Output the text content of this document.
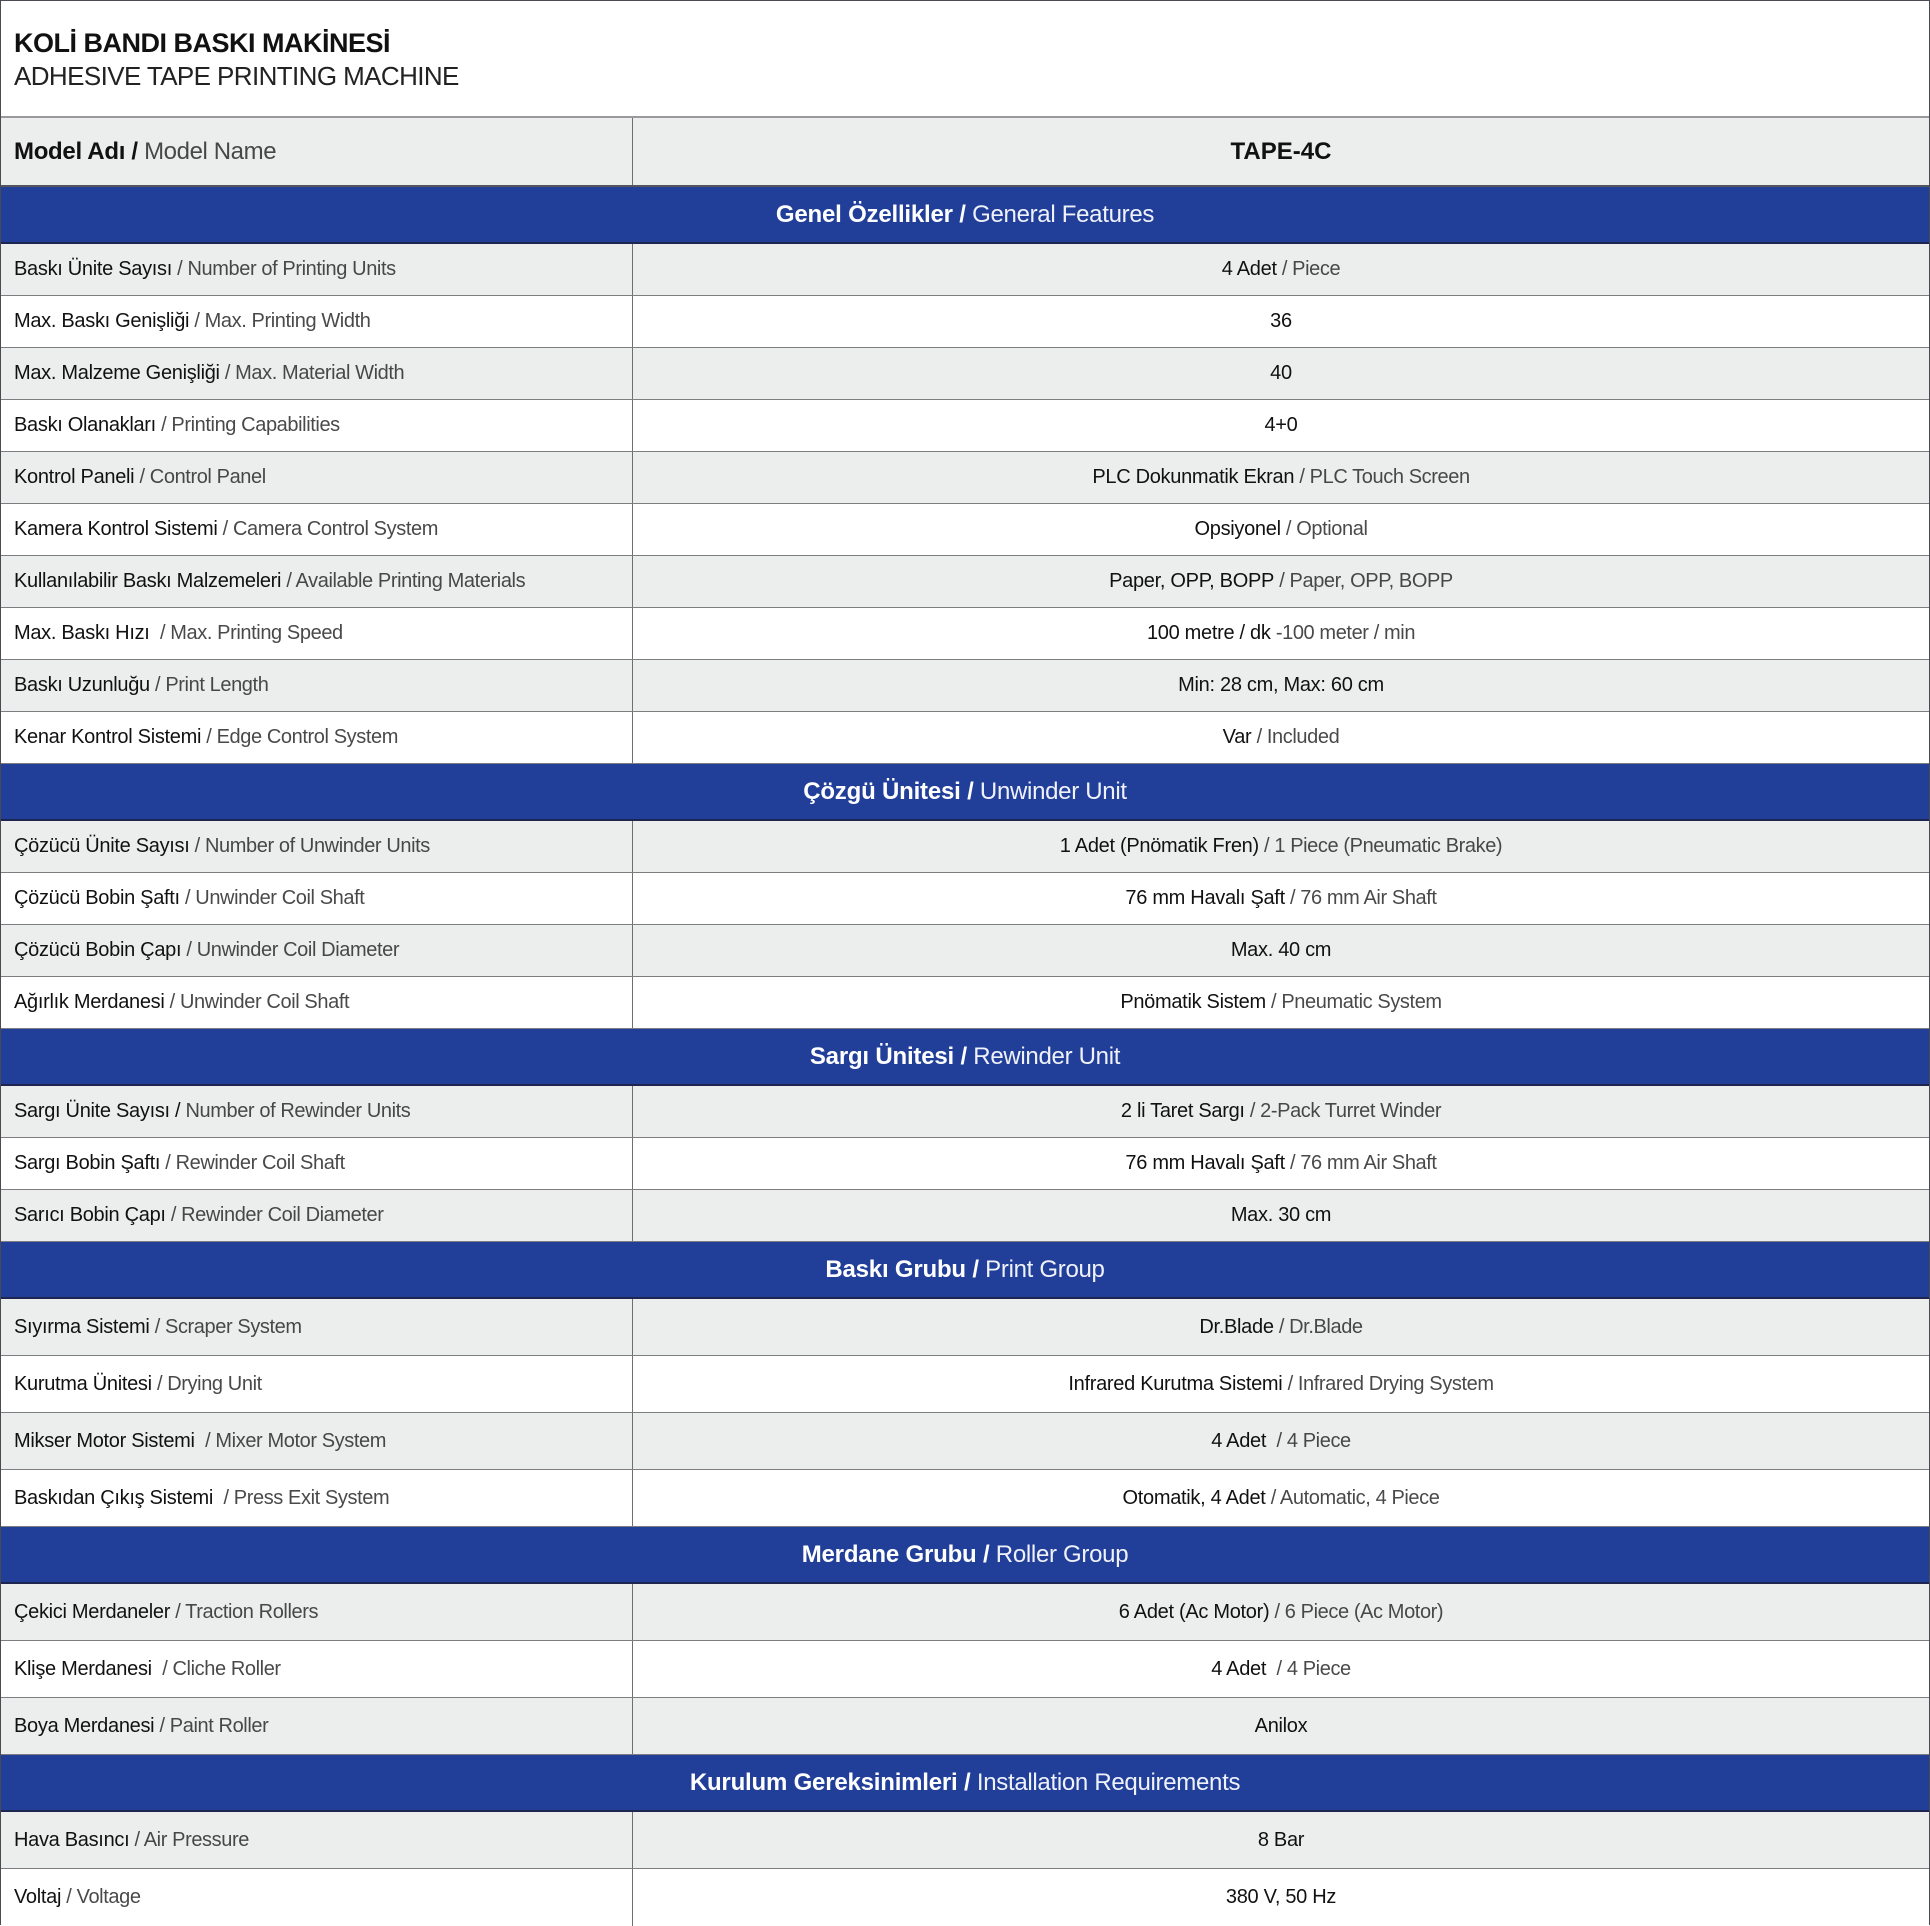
KOLİ BANDI BASKI MAKİNESİ
ADHESIVE TAPE PRINTING MACHINE
Model Adı / Model Name	TAPE-4C
Genel Özellikler / General Features
Baskı Ünite Sayısı / Number of Printing Units	4 Adet / Piece
Max. Baskı Genişliği / Max. Printing Width	36
Max. Malzeme Genişliği / Max. Material Width	40
Baskı Olanakları / Printing Capabilities	4+0
Kontrol Paneli / Control Panel	PLC Dokunmatik Ekran / PLC Touch Screen
Kamera Kontrol Sistemi / Camera Control System	Opsiyonel / Optional
Kullanılabilir Baskı Malzemeleri / Available Printing Materials	Paper, OPP, BOPP / Paper, OPP, BOPP
Max. Baskı Hızı / Max. Printing Speed	100 metre / dk -100 meter / min
Baskı Uzunluğu / Print Length	Min: 28 cm, Max: 60 cm
Kenar Kontrol Sistemi / Edge Control System	Var / Included
Çözgü Ünitesi / Unwinder Unit
Çözücü Ünite Sayısı / Number of Unwinder Units	1 Adet (Pnömatik Fren) / 1 Piece (Pneumatic Brake)
Çözücü Bobin Şaftı / Unwinder Coil Shaft	76 mm Havalı Şaft / 76 mm Air Shaft
Çözücü Bobin Çapı / Unwinder Coil Diameter	Max. 40 cm
Ağırlık Merdanesi / Unwinder Coil Shaft	Pnömatik Sistem / Pneumatic System
Sargı Ünitesi / Rewinder Unit
Sargı Ünite Sayısı / Number of Rewinder Units	2 li Taret Sargı / 2-Pack Turret Winder
Sargı Bobin Şaftı / Rewinder Coil Shaft	76 mm Havalı Şaft / 76 mm Air Shaft
Sarıcı Bobin Çapı / Rewinder Coil Diameter	Max. 30 cm
Baskı Grubu / Print Group
Sıyırma Sistemi / Scraper System	Dr.Blade / Dr.Blade
Kurutma Ünitesi / Drying Unit	Infrared Kurutma Sistemi / Infrared Drying System
Mikser Motor Sistemi / Mixer Motor System	4 Adet / 4 Piece
Baskıdan Çıkış Sistemi / Press Exit System	Otomatik, 4 Adet / Automatic, 4 Piece
Merdane Grubu / Roller Group
Çekici Merdaneler / Traction Rollers	6 Adet (Ac Motor) / 6 Piece (Ac Motor)
Klişe Merdanesi / Cliche Roller	4 Adet / 4 Piece
Boya Merdanesi / Paint Roller	Anilox
Kurulum Gereksinimleri / Installation Requirements
Hava Basıncı / Air Pressure	8 Bar
Voltaj / Voltage	380 V, 50 Hz
